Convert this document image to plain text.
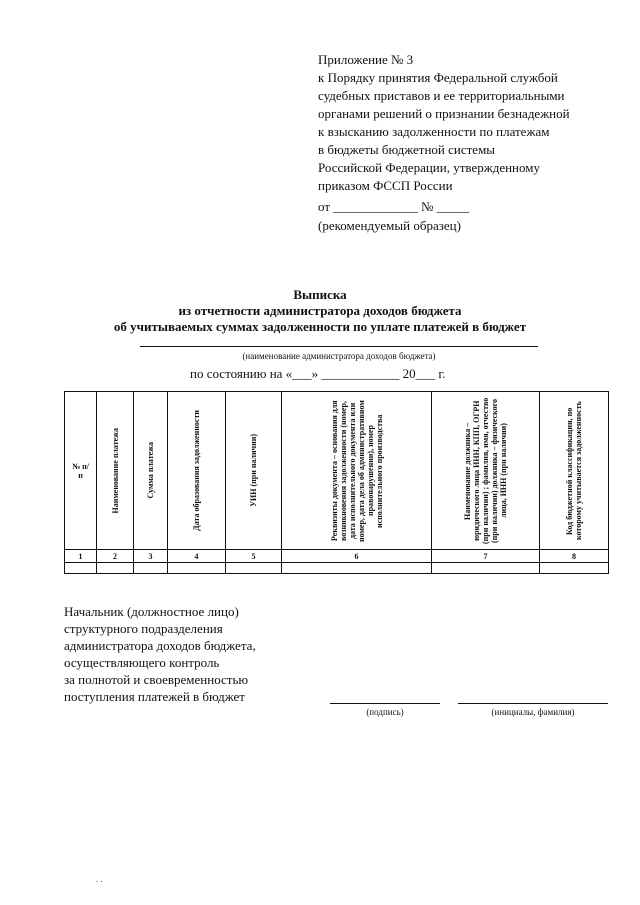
Приложение № 3
к Порядку принятия Федеральной службой
судебных приставов и ее территориальными
органами решений о признании безнадежной
к взысканию задолженности по платежам
в бюджеты бюджетной системы
Российской Федерации, утвержденному
приказом ФССП России
от _____________ № _____
(рекомендуемый образец)
Выписка
из отчетности администратора доходов бюджета
об учитываемых суммах задолженности по уплате платежей в бюджет
(наименование администратора доходов бюджета)
по состоянию на «___» ____________ 20___ г.
№ п/п	Наименование платежа	Сумма платежа	Дата образования задолженности	УИН (при наличии)	Реквизиты документа – основания для возникновения задолженности (номер, дата исполнительного документа или номер, дата дела об административном правонарушении), номер исполнительного производства	Наименование должника – юридического лица ИНН, КПП, ОГРН (при наличии) ; фамилия, имя, отчество (при наличии) должника – физического лица, ИНН (при наличии)	Код бюджетной классификации, по которому учитывается задолженность

1	2	3	4	5	6	7	8

Начальник (должностное лицо)
структурного подразделения
администратора доходов бюджета,
осуществляющего контроль
за полнотой и своевременностью
поступления платежей в бюджет
(подпись)	(инициалы, фамилия)
. .
